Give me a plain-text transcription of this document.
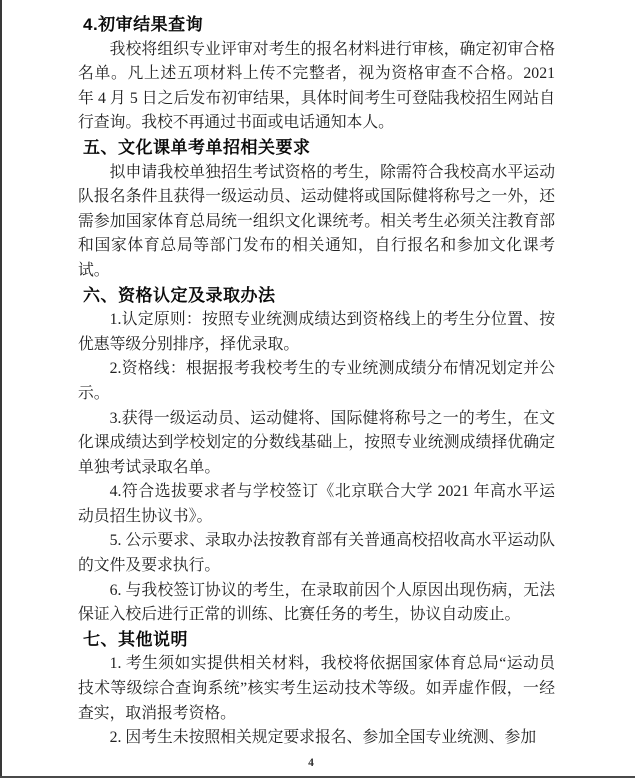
4.初审结果查询

我校将组织专业评审对考生的报名材料进行审核，确定初审合格名单。凡上述五项材料上传不完整者，视为资格审查不合格。2021 年 4 月 5 日之后发布初审结果，具体时间考生可登陆我校招生网站自行查询。我校不再通过书面或电话通知本人。

五、文化课单考单招相关要求

拟申请我校单独招生考试资格的考生，除需符合我校高水平运动队报名条件且获得一级运动员、运动健将或国际健将称号之一外，还需参加国家体育总局统一组织文化课统考。相关考生必须关注教育部和国家体育总局等部门发布的相关通知，自行报名和参加文化课考试。

六、资格认定及录取办法

1.认定原则：按照专业统测成绩达到资格线上的考生分位置、按优惠等级分别排序，择优录取。

2.资格线：根据报考我校考生的专业统测成绩分布情况划定并公示。

3.获得一级运动员、运动健将、国际健将称号之一的考生，在文化课成绩达到学校划定的分数线基础上，按照专业统测成绩择优确定单独考试录取名单。

4.符合选拔要求者与学校签订《北京联合大学 2021 年高水平运动员招生协议书》。

5. 公示要求、录取办法按教育部有关普通高校招收高水平运动队的文件及要求执行。

6. 与我校签订协议的考生，在录取前因个人原因出现伤病，无法保证入校后进行正常的训练、比赛任务的考生，协议自动废止。

七、其他说明

1. 考生须如实提供相关材料，我校将依据国家体育总局“运动员技术等级综合查询系统”核实考生运动技术等级。如弄虚作假，一经查实，取消报考资格。

2. 因考生未按照相关规定要求报名、参加全国专业统测、参加

4
